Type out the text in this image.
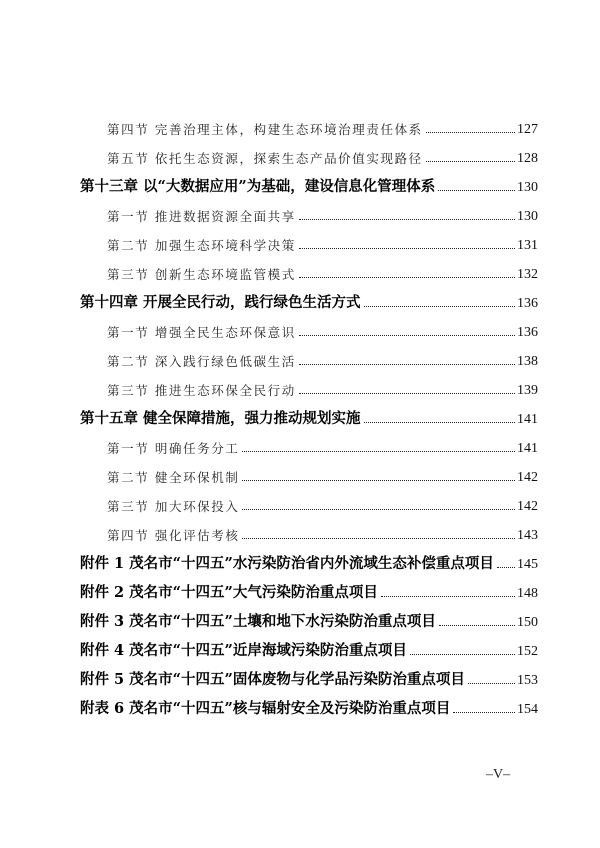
第四节 完善治理主体，构建生态环境治理责任体系	127
第五节 依托生态资源，探索生态产品价值实现路径	128
第十三章 以“大数据应用”为基础，建设信息化管理体系	130
第一节 推进数据资源全面共享	130
第二节 加强生态环境科学决策	131
第三节 创新生态环境监管模式	132
第十四章 开展全民行动，践行绿色生活方式	136
第一节 增强全民生态环保意识	136
第二节 深入践行绿色低碳生活	138
第三节 推进生态环保全民行动	139
第十五章 健全保障措施，强力推动规划实施	141
第一节 明确任务分工	141
第二节 健全环保机制	142
第三节 加大环保投入	142
第四节 强化评估考核	143
附件 1 茂名市“十四五”水污染防治省内外流域生态补偿重点项目 145
附件 2 茂名市“十四五”大气污染防治重点项目	148
附件 3 茂名市“十四五”土壤和地下水污染防治重点项目	150
附件 4 茂名市“十四五”近岸海域污染防治重点项目	152
附件 5 茂名市“十四五”固体废物与化学品污染防治重点项目	153
附表 6 茂名市“十四五”核与辐射安全及污染防治重点项目	154
–V–
